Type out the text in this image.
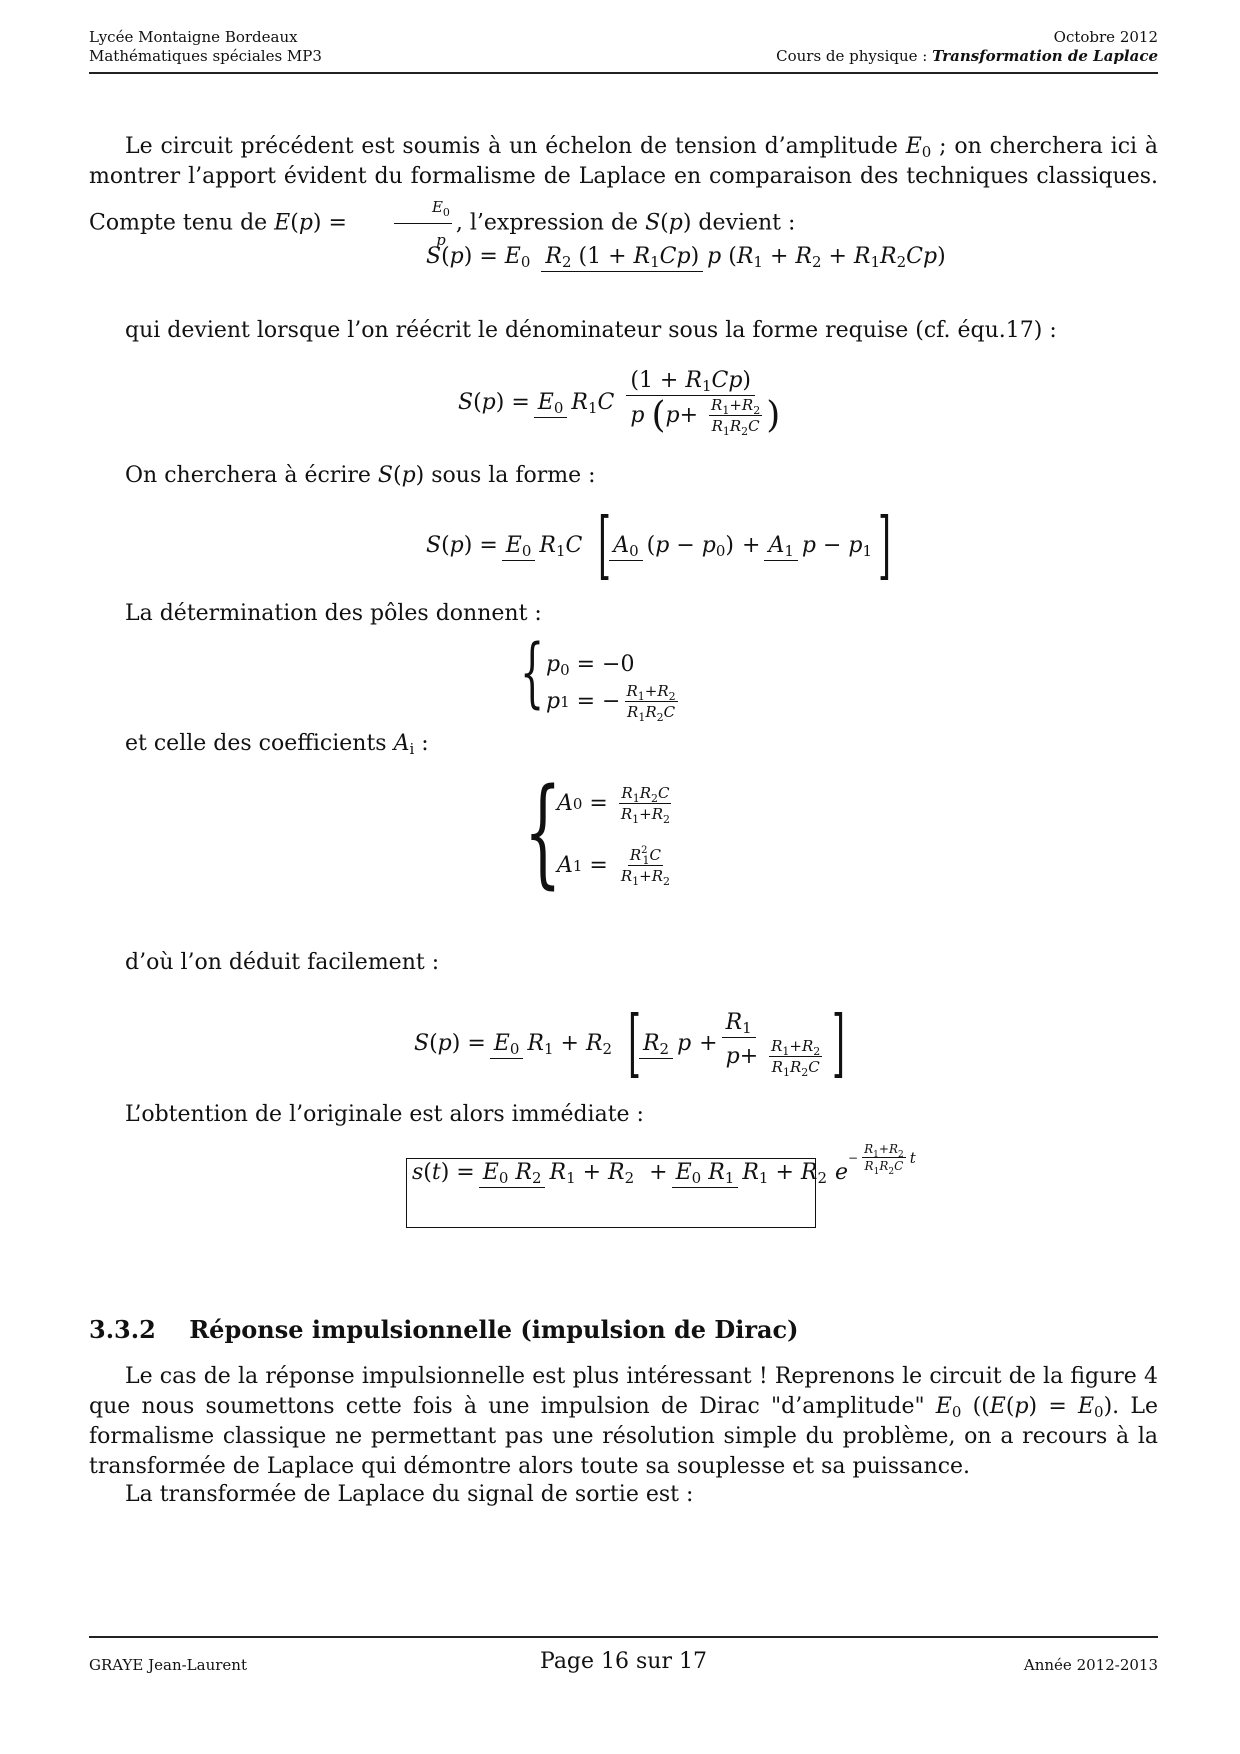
Lycée Montaigne Bordeaux
Mathématiques spéciales MP3
Octobre 2012
Cours de physique : Transformation de Laplace
Le circuit précédent est soumis à un échelon de tension d’amplitude $E_0$ ; on cherchera ici à montrer l’apport évident du formalisme de Laplace en comparaison des techniques classiques. Compte tenu de E(p) =	$\frac{E_0}{p}$ , l’expression de S(p) devient :
$S(p) = E_0$ $R_2$ $(1 + R_1Cp)$ p $(R_1 + R_2 + R_1R_2Cp)$
qui devient lorsque l’on réécrit le dénominateur sous la forme requise (cf. équ.17) :
$S(p) = E_0$ $R_1C$
$(1 + R_1Cp)$
p
( $p + \frac{R_1+R_2}{R_1R_2C}$ )
On cherchera à écrire S(p) sous la forme :
$S(p) = E_0$ $R_1C$ [ $A_0$ $(p - p_0) + A_1$ $p - p_1$ ]
La détermination des pôles donnent :
{ $p_0 = -0$
p 1 = − $\frac{R_1+R_2}{R_1R_2C}$
et celle des coefficients $A_i$ :
{
A $0 = \frac{R_1R_2C}{R_1+R_2}$
A $1 = \frac{R^2_1C}{R_1+R_2}$
d’où l’on déduit facilement :
$S(p) = E_0$ $R_1 + R_2$ [ $R_2$ $p + \frac{R_1}{p + \frac{R_1+R_2}{R_1R_2C}}$ ]
L’obtention de l’originale est alors immédiate :
$s(t) = E_0$ $R_2$ $R_1 + R_2 + E_0$ $R_1$ $R_1 + R_2$ e
−
$R_1+R_2$
$R_1R_2C$ t
3.3.2 Réponse impulsionnelle (impulsion de Dirac)
Le cas de la réponse impulsionnelle est plus intéressant ! Reprenons le circuit de la figure 4 que nous soumettons cette fois à une impulsion de Dirac "d’amplitude" $E_0$ ($(E(p) = E_0)$. Le formalisme classique ne permettant pas une résolution simple du problème, on a recours à la transformée de Laplace qui démontre alors toute sa souplesse et sa puissance.
La transformée de Laplace du signal de sortie est :
GRAYE Jean-Laurent	Page 16 sur 17	Année 2012-2013
